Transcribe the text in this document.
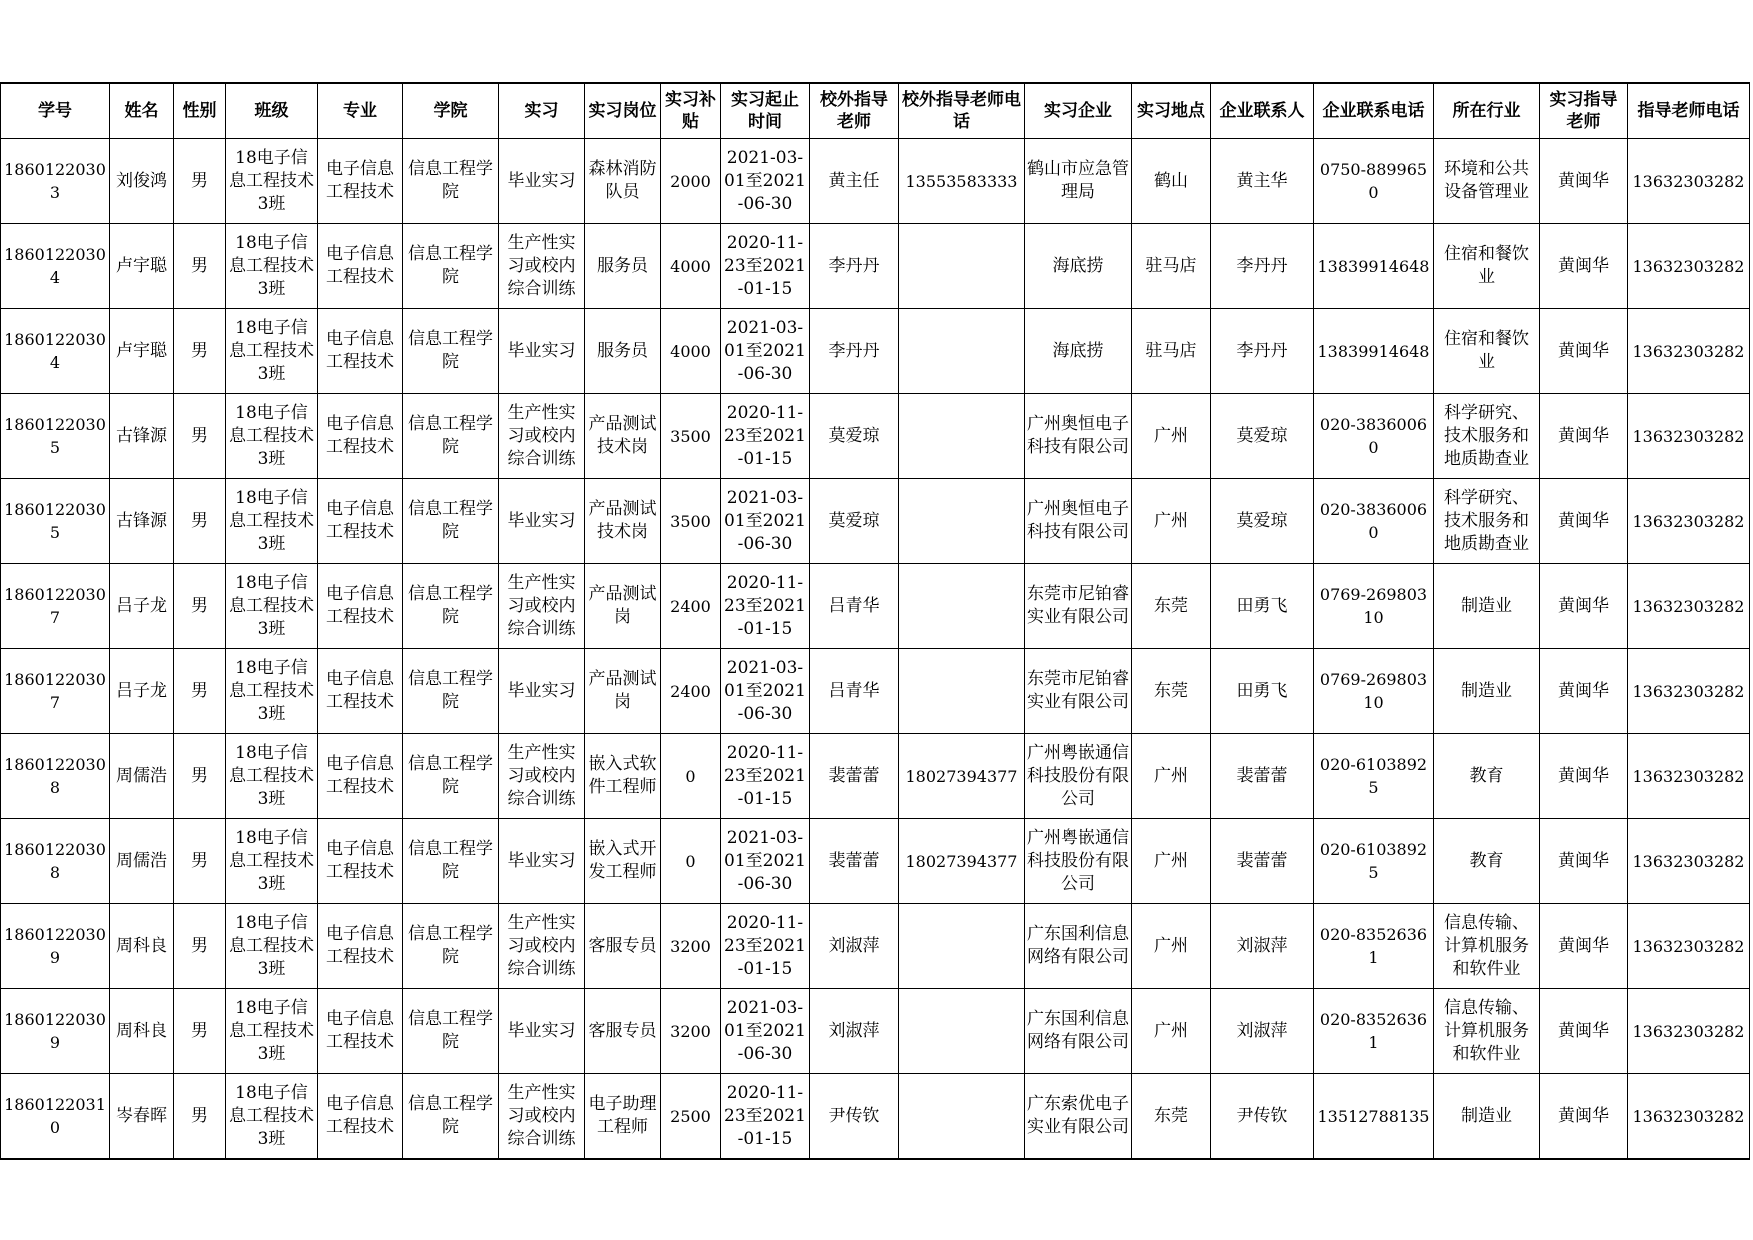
学号	姓名	性别	班级	专业	学院	实习	实习岗位	实习补贴	实习起止时间	校外指导老师	校外指导老师电话	实习企业	实习地点	企业联系人	企业联系电话	所在行业	实习指导老师	指导老师电话
18601220303	刘俊鸿	男	18电子信息工程技术3班	电子信息工程技术	信息工程学院	毕业实习	森林消防队员	2000	2021-03-01至2021-06-30	黄主任	13553583333	鹤山市应急管理局	鹤山	黄主华	0750-8899650	环境和公共设备管理业	黄闽华	13632303282
18601220304	卢宇聪	男	18电子信息工程技术3班	电子信息工程技术	信息工程学院	生产性实习或校内综合训练	服务员	4000	2020-11-23至2021-01-15	李丹丹		海底捞	驻马店	李丹丹	13839914648	住宿和餐饮业	黄闽华	13632303282
18601220304	卢宇聪	男	18电子信息工程技术3班	电子信息工程技术	信息工程学院	毕业实习	服务员	4000	2021-03-01至2021-06-30	李丹丹		海底捞	驻马店	李丹丹	13839914648	住宿和餐饮业	黄闽华	13632303282
18601220305	古锋源	男	18电子信息工程技术3班	电子信息工程技术	信息工程学院	生产性实习或校内综合训练	产品测试技术岗	3500	2020-11-23至2021-01-15	莫爱琼		广州奥恒电子科技有限公司	广州	莫爱琼	020-38360060	科学研究、技术服务和地质勘查业	黄闽华	13632303282
18601220305	古锋源	男	18电子信息工程技术3班	电子信息工程技术	信息工程学院	毕业实习	产品测试技术岗	3500	2021-03-01至2021-06-30	莫爱琼		广州奥恒电子科技有限公司	广州	莫爱琼	020-38360060	科学研究、技术服务和地质勘查业	黄闽华	13632303282
18601220307	吕子龙	男	18电子信息工程技术3班	电子信息工程技术	信息工程学院	生产性实习或校内综合训练	产品测试岗	2400	2020-11-23至2021-01-15	吕青华		东莞市尼铂睿实业有限公司	东莞	田勇飞	0769-26980310	制造业	黄闽华	13632303282
18601220307	吕子龙	男	18电子信息工程技术3班	电子信息工程技术	信息工程学院	毕业实习	产品测试岗	2400	2021-03-01至2021-06-30	吕青华		东莞市尼铂睿实业有限公司	东莞	田勇飞	0769-26980310	制造业	黄闽华	13632303282
18601220308	周儒浩	男	18电子信息工程技术3班	电子信息工程技术	信息工程学院	生产性实习或校内综合训练	嵌入式软件工程师	0	2020-11-23至2021-01-15	裴蕾蕾	18027394377	广州粤嵌通信科技股份有限公司	广州	裴蕾蕾	020-61038925	教育	黄闽华	13632303282
18601220308	周儒浩	男	18电子信息工程技术3班	电子信息工程技术	信息工程学院	毕业实习	嵌入式开发工程师	0	2021-03-01至2021-06-30	裴蕾蕾	18027394377	广州粤嵌通信科技股份有限公司	广州	裴蕾蕾	020-61038925	教育	黄闽华	13632303282
18601220309	周科良	男	18电子信息工程技术3班	电子信息工程技术	信息工程学院	生产性实习或校内综合训练	客服专员	3200	2020-11-23至2021-01-15	刘淑萍		广东国利信息网络有限公司	广州	刘淑萍	020-83526361	信息传输、计算机服务和软件业	黄闽华	13632303282
18601220309	周科良	男	18电子信息工程技术3班	电子信息工程技术	信息工程学院	毕业实习	客服专员	3200	2021-03-01至2021-06-30	刘淑萍		广东国利信息网络有限公司	广州	刘淑萍	020-83526361	信息传输、计算机服务和软件业	黄闽华	13632303282
18601220310	岑春晖	男	18电子信息工程技术3班	电子信息工程技术	信息工程学院	生产性实习或校内综合训练	电子助理工程师	2500	2020-11-23至2021-01-15	尹传钦		广东索优电子实业有限公司	东莞	尹传钦	13512788135	制造业	黄闽华	13632303282
